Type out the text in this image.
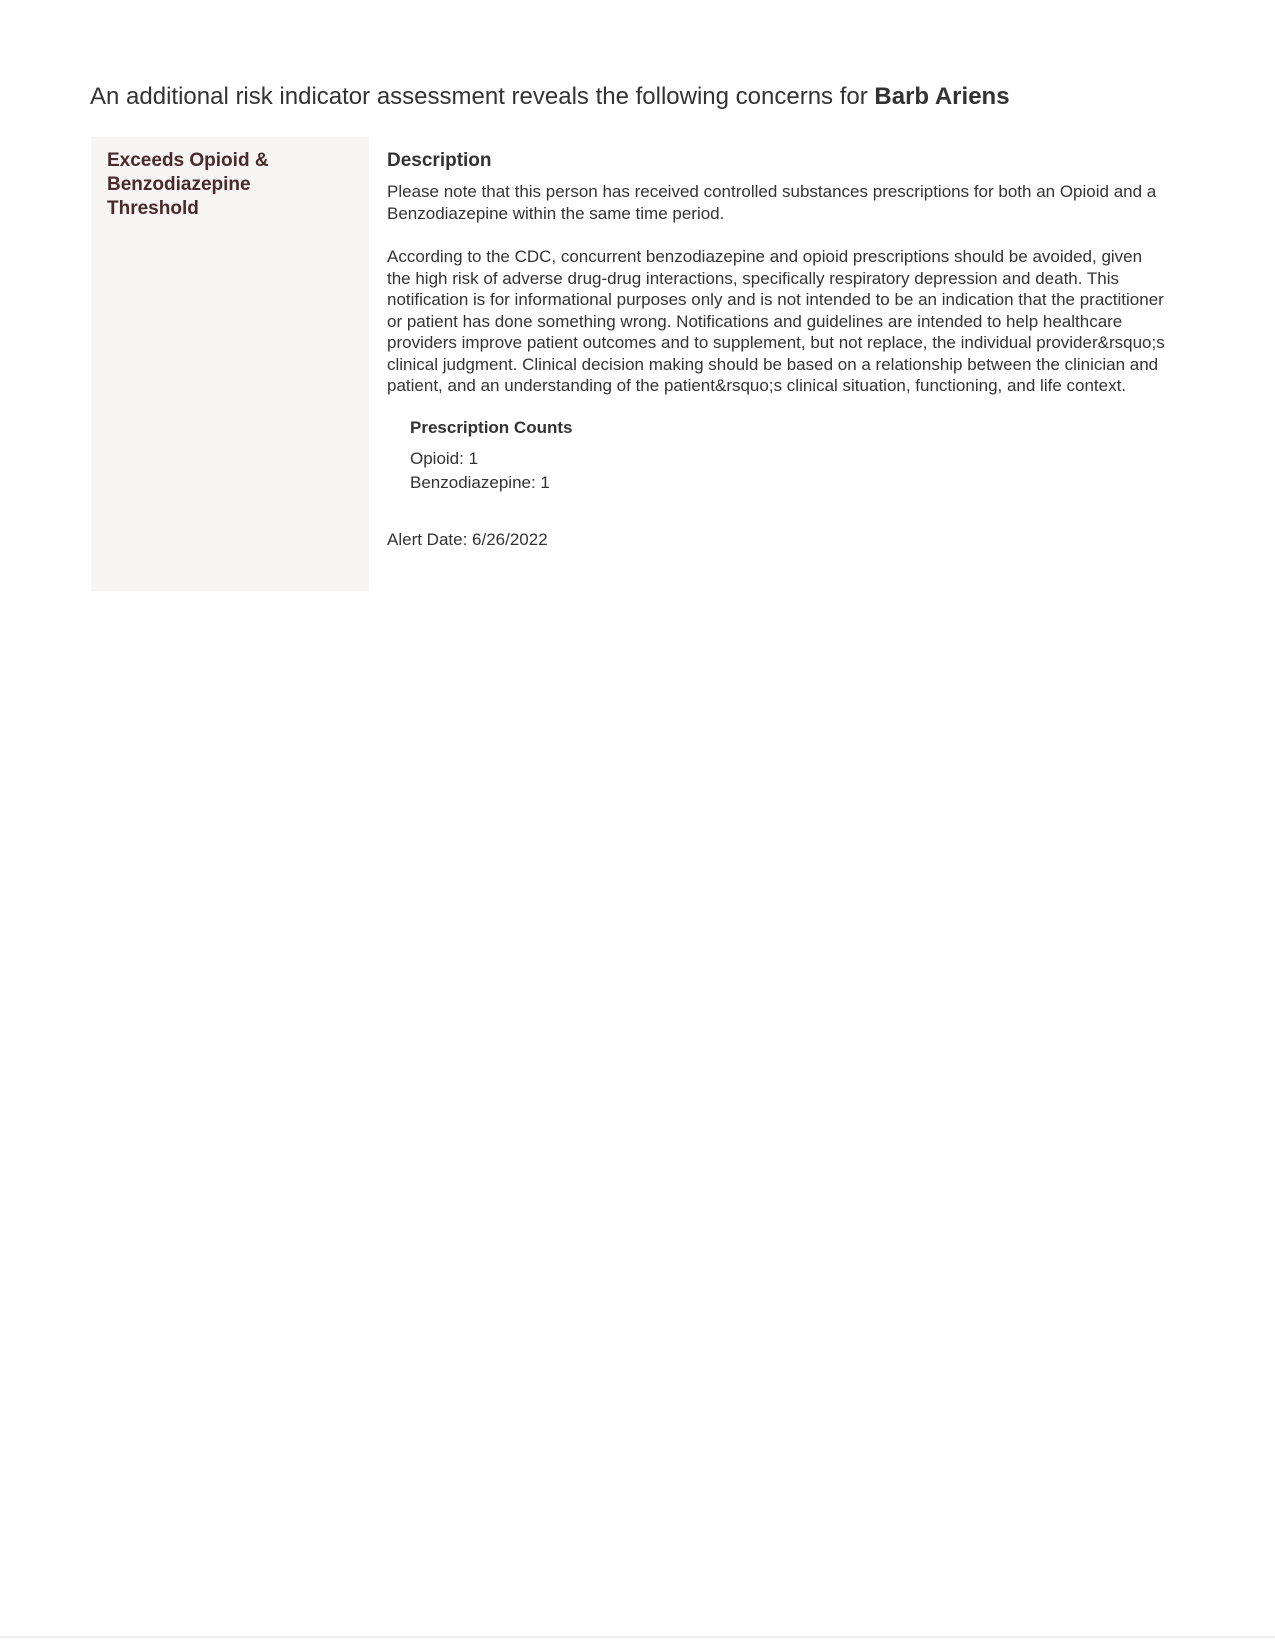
An additional risk indicator assessment reveals the following concerns for Barb Ariens
Exceeds Opioid & Benzodiazepine Threshold
Description

Please note that this person has received controlled substances prescriptions for both an Opioid and a Benzodiazepine within the same time period.

According to the CDC, concurrent benzodiazepine and opioid prescriptions should be avoided, given the high risk of adverse drug-drug interactions, specifically respiratory depression and death. This notification is for informational purposes only and is not intended to be an indication that the practitioner or patient has done something wrong. Notifications and guidelines are intended to help healthcare providers improve patient outcomes and to supplement, but not replace, the individual provider&rsquo;s clinical judgment. Clinical decision making should be based on a relationship between the clinician and patient, and an understanding of the patient&rsquo;s clinical situation, functioning, and life context.

Prescription Counts
Opioid: 1
Benzodiazepine: 1
Alert Date: 6/26/2022
